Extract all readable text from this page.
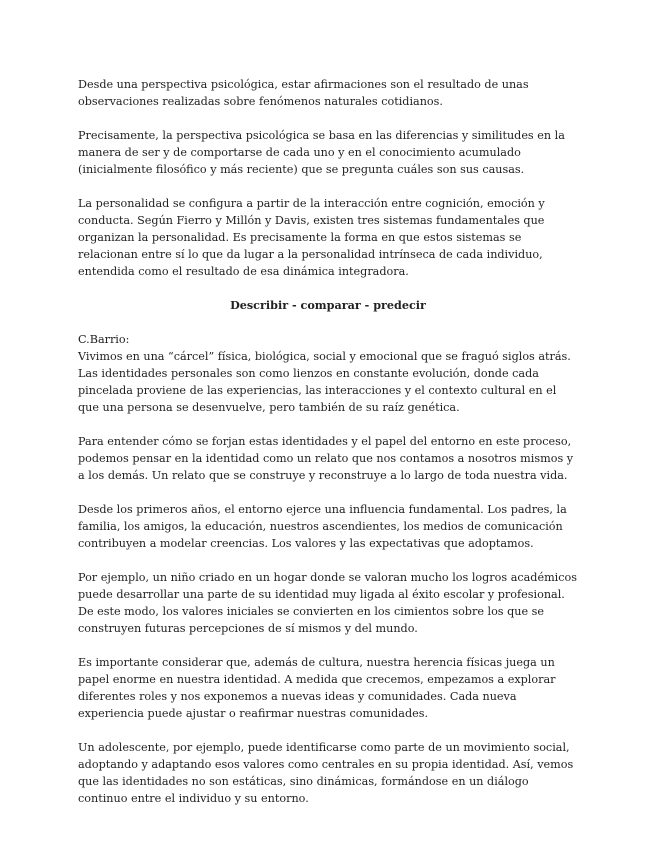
Desde una perspectiva psicológica, estar afirmaciones son el resultado de unas observaciones realizadas sobre fenómenos naturales cotidianos.

Precisamente, la perspectiva psicológica se basa en las diferencias y similitudes en la manera de ser y de comportarse de cada uno y en el conocimiento acumulado (inicialmente filosófico y más reciente) que se pregunta cuáles son sus causas.

La personalidad se configura a partir de la interacción entre cognición, emoción y conducta. Según Fierro y Millón y Davis, existen tres sistemas fundamentales que organizan la personalidad. Es precisamente la forma en que estos sistemas se relacionan entre sí lo que da lugar a la personalidad intrínseca de cada individuo, entendida como el resultado de esa dinámica integradora.

Describir - comparar - predecir

C.Barrio:

Vivimos en una “cárcel” física, biológica, social y emocional que se fraguó siglos atrás. Las identidades personales son como lienzos en constante evolución, donde cada pincelada proviene de las experiencias, las interacciones y el contexto cultural en el que una persona se desenvuelve, pero también de su raíz genética.

Para entender cómo se forjan estas identidades y el papel del entorno en este proceso, podemos pensar en la identidad como un relato que nos contamos a nosotros mismos y a los demás. Un relato que se construye y reconstruye a lo largo de toda nuestra vida.

Desde los primeros años, el entorno ejerce una influencia fundamental. Los padres, la familia, los amigos, la educación, nuestros ascendientes, los medios de comunicación contribuyen a modelar creencias. Los valores y las expectativas que adoptamos.

Por ejemplo, un niño criado en un hogar donde se valoran mucho los logros académicos puede desarrollar una parte de su identidad muy ligada al éxito escolar y profesional. De este modo, los valores iniciales se convierten en los cimientos sobre los que se construyen futuras percepciones de sí mismos y del mundo.

Es importante considerar que, además de cultura, nuestra herencia físicas juega un papel enorme en nuestra identidad. A medida que crecemos, empezamos a explorar diferentes roles y nos exponemos a nuevas ideas y comunidades. Cada nueva experiencia puede ajustar o reafirmar nuestras comunidades.

Un adolescente, por ejemplo, puede identificarse como parte de un movimiento social, adoptando y adaptando esos valores como centrales en su propia identidad. Así, vemos que las identidades no son estáticas, sino dinámicas, formándose en un diálogo continuo entre el individuo y su entorno.
